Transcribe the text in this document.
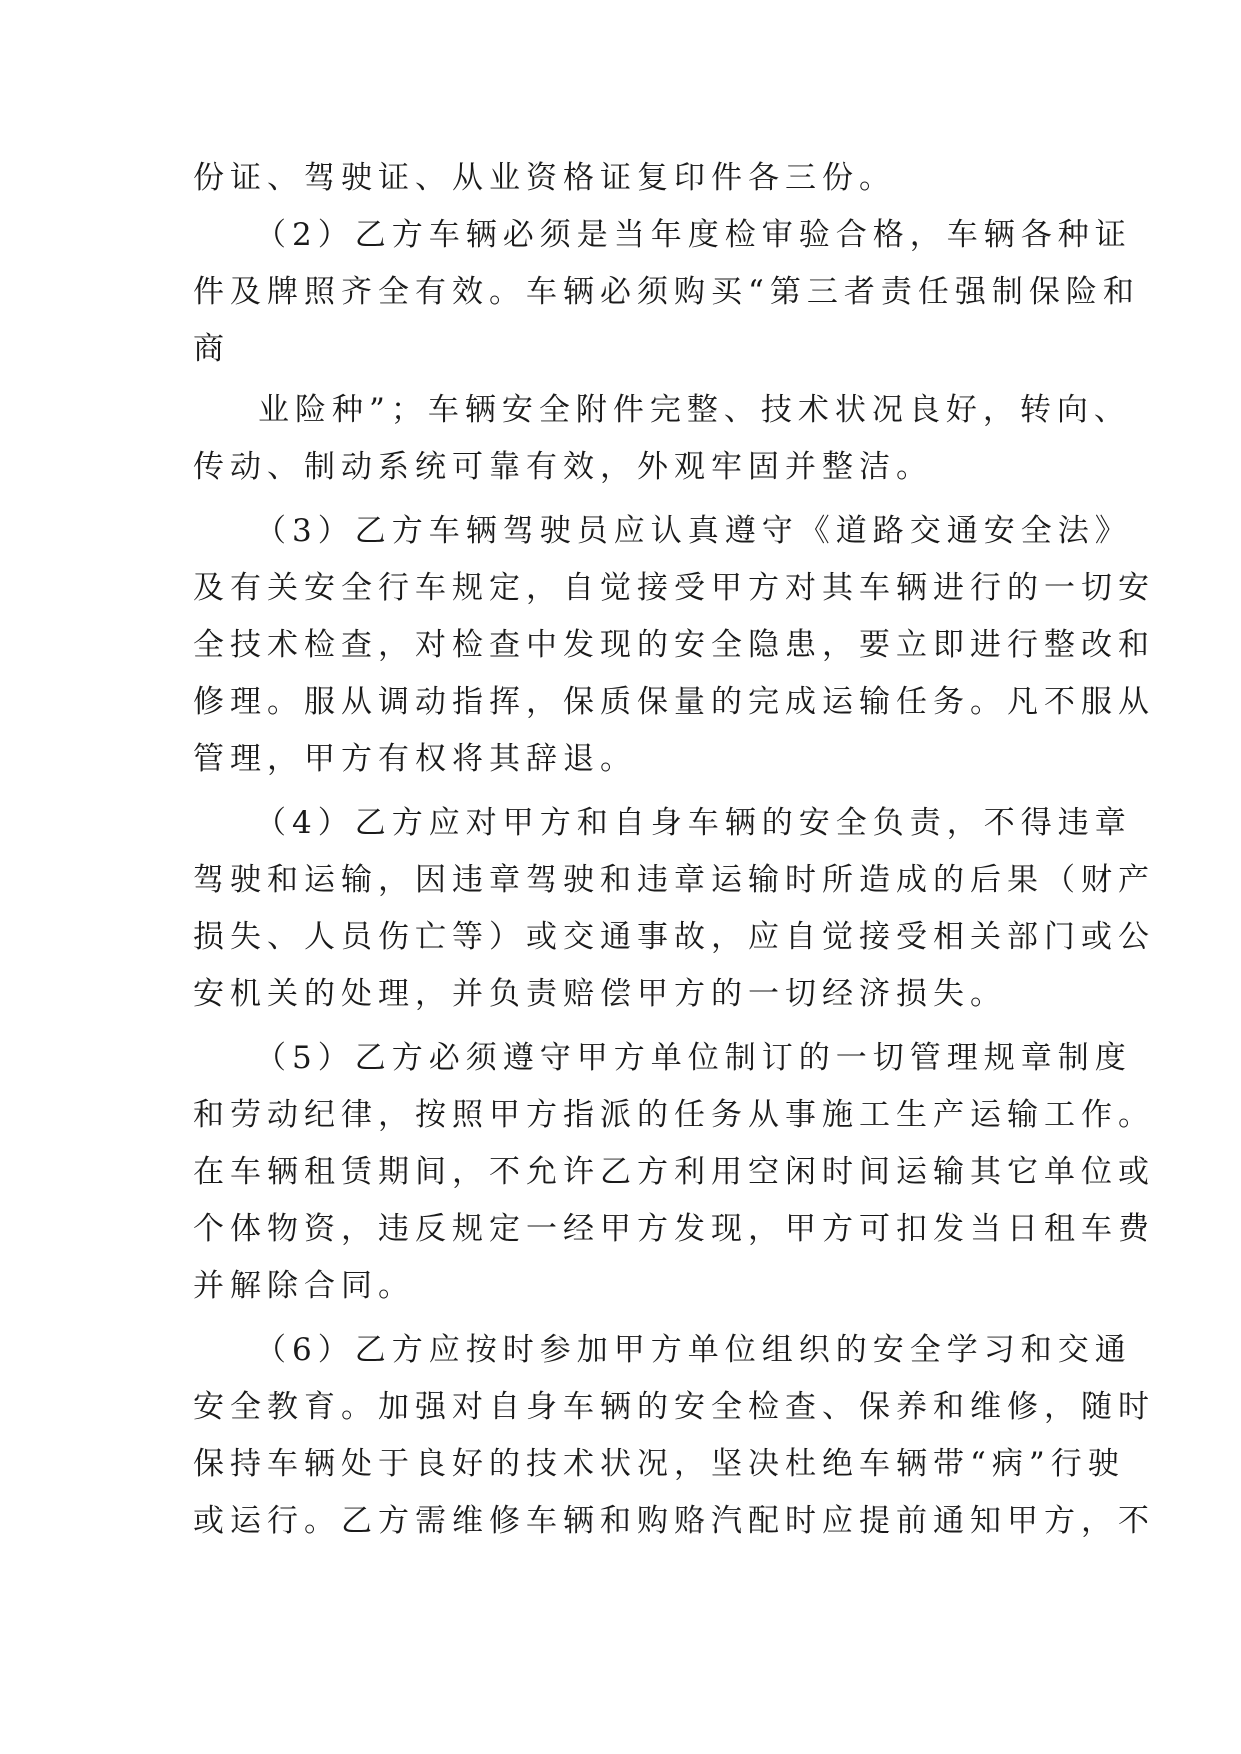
份证、驾驶证、从业资格证复印件各三份。
（2）乙方车辆必须是当年度检审验合格，车辆各种证
件及牌照齐全有效。车辆必须购买“第三者责任强制保险和
商
业险种”；车辆安全附件完整、技术状况良好，转向、
传动、制动系统可靠有效，外观牢固并整洁。
（3）乙方车辆驾驶员应认真遵守《道路交通安全法》
及有关安全行车规定，自觉接受甲方对其车辆进行的一切安
全技术检查，对检查中发现的安全隐患，要立即进行整改和
修理。服从调动指挥，保质保量的完成运输任务。凡不服从
管理，甲方有权将其辞退。
（4）乙方应对甲方和自身车辆的安全负责，不得违章
驾驶和运输，因违章驾驶和违章运输时所造成的后果（财产
损失、人员伤亡等）或交通事故，应自觉接受相关部门或公
安机关的处理，并负责赔偿甲方的一切经济损失。
（5）乙方必须遵守甲方单位制订的一切管理规章制度
和劳动纪律，按照甲方指派的任务从事施工生产运输工作。
在车辆租赁期间，不允许乙方利用空闲时间运输其它单位或
个体物资，违反规定一经甲方发现，甲方可扣发当日租车费
并解除合同。
（6）乙方应按时参加甲方单位组织的安全学习和交通
安全教育。加强对自身车辆的安全检查、保养和维修，随时
保持车辆处于良好的技术状况，坚决杜绝车辆带“病”行驶
或运行。乙方需维修车辆和购赂汽配时应提前通知甲方，不
